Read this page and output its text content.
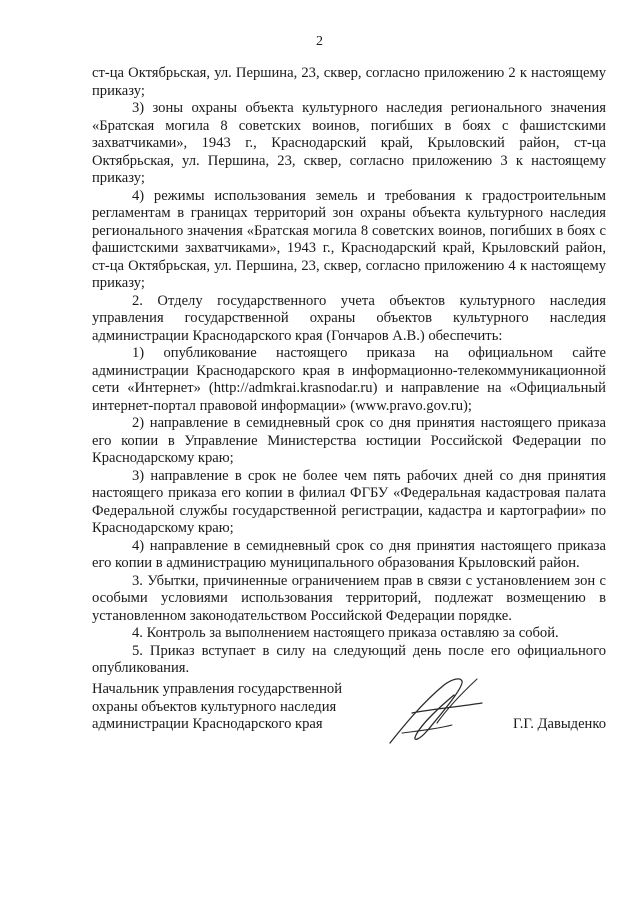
2

ст-ца Октябрьская, ул. Першина, 23, сквер, согласно приложению 2 к настоящему приказу;

3) зоны охраны объекта культурного наследия регионального значения «Братская могила 8 советских воинов, погибших в боях с фашистскими захватчиками», 1943 г., Краснодарский край, Крыловский район, ст-ца Октябрьская, ул. Першина, 23, сквер, согласно приложению 3 к настоящему приказу;

4) режимы использования земель и требования к градостроительным регламентам в границах территорий зон охраны объекта культурного наследия регионального значения «Братская могила 8 советских воинов, погибших в боях с фашистскими захватчиками», 1943 г., Краснодарский край, Крыловский район, ст-ца Октябрьская, ул. Першина, 23, сквер, согласно приложению 4 к настоящему приказу;

2. Отделу государственного учета объектов культурного наследия управления государственной охраны объектов культурного наследия администрации Краснодарского края (Гончаров А.В.) обеспечить:

1) опубликование настоящего приказа на официальном сайте администрации Краснодарского края в информационно-телекоммуникационной сети «Интернет» (http://admkrai.krasnodar.ru) и направление на «Официальный интернет-портал правовой информации» (www.pravo.gov.ru);

2) направление в семидневный срок со дня принятия настоящего приказа его копии в Управление Министерства юстиции Российской Федерации по Краснодарскому краю;

3) направление в срок не более чем пять рабочих дней со дня принятия настоящего приказа его копии в филиал ФГБУ «Федеральная кадастровая палата Федеральной службы государственной регистрации, кадастра и картографии» по Краснодарскому краю;

4) направление в семидневный срок со дня принятия настоящего приказа его копии в администрацию муниципального образования Крыловский район.

3. Убытки, причиненные ограничением прав в связи с установлением зон с особыми условиями использования территорий, подлежат возмещению в установленном законодательством Российской Федерации порядке.

4. Контроль за выполнением настоящего приказа оставляю за собой.

5. Приказ вступает в силу на следующий день после его официального опубликования.

Начальник управления государственной
охраны объектов культурного наследия
администрации Краснодарского края	Г.Г. Давыденко
